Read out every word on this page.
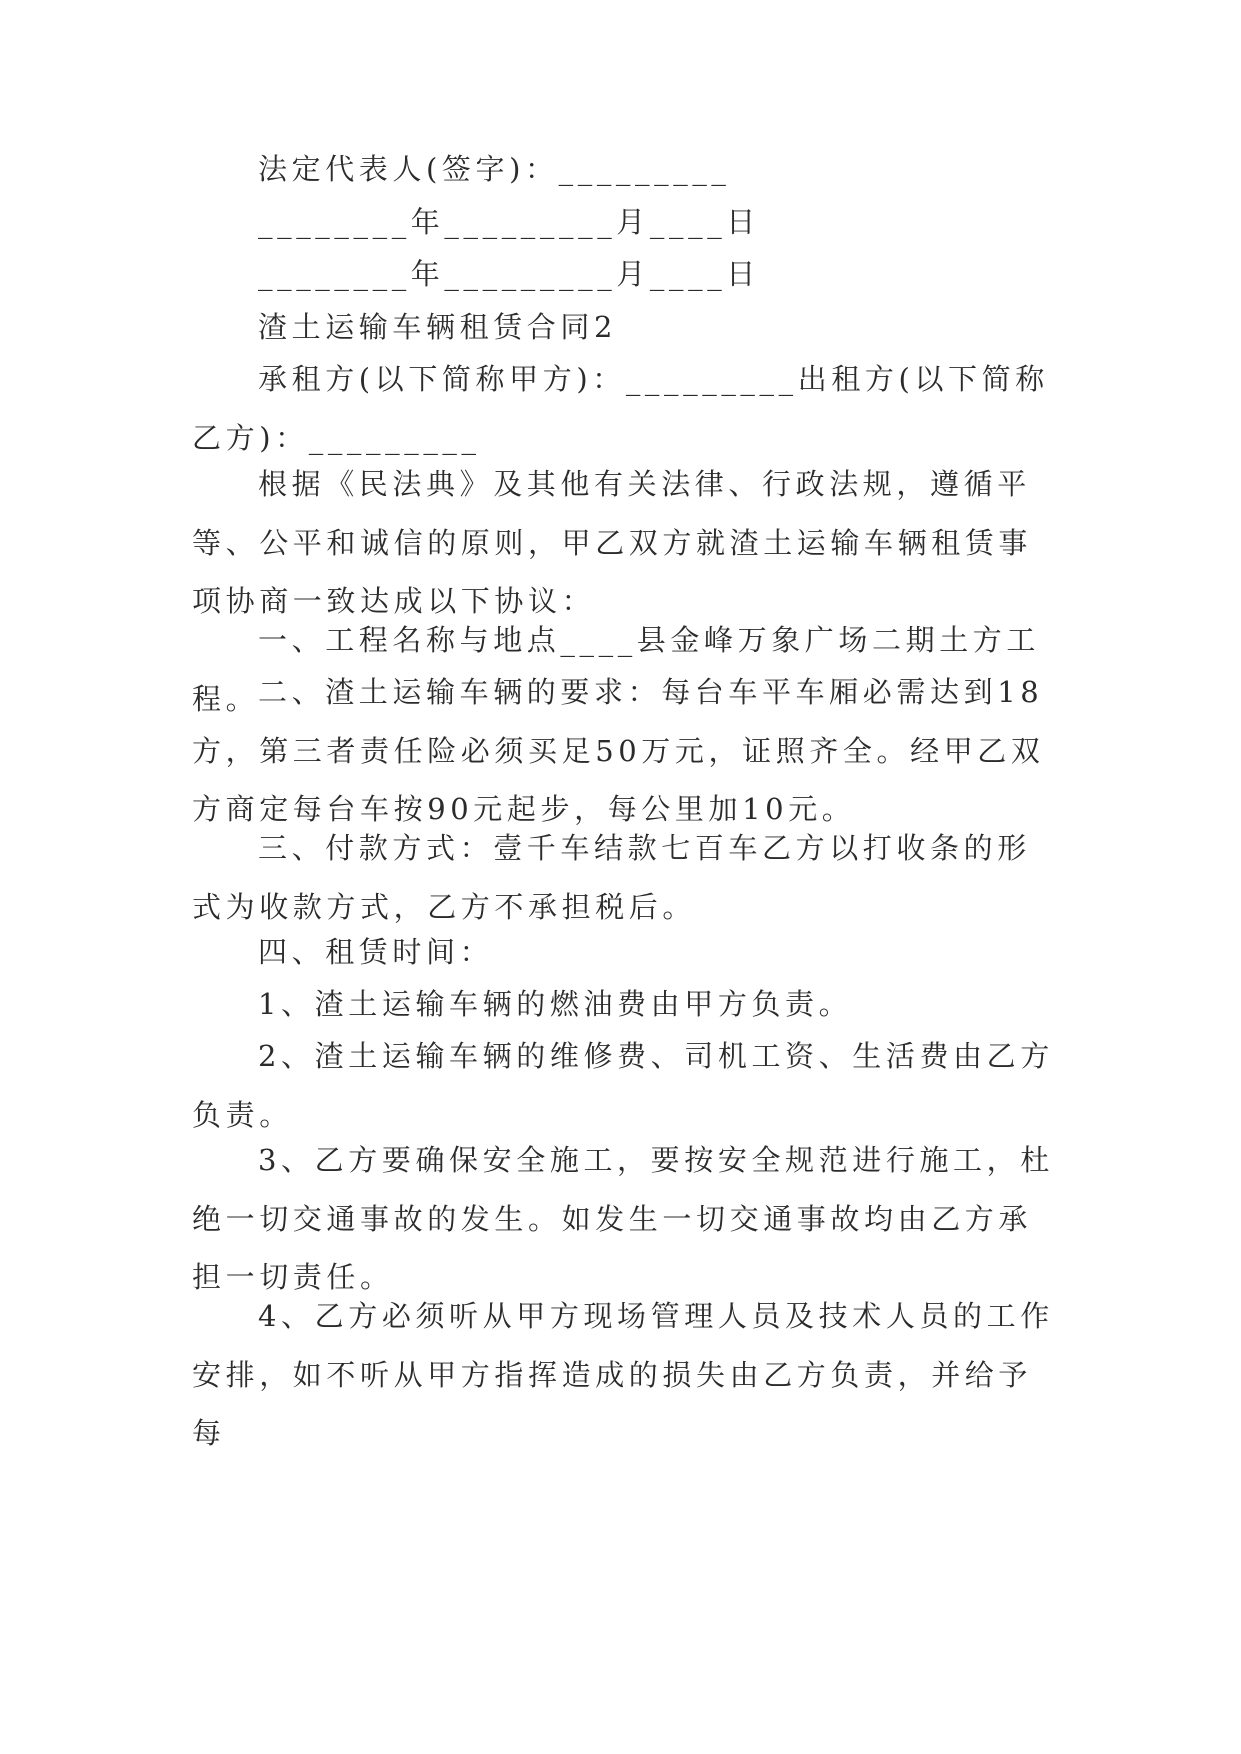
法定代表人(签字)：_________

________年_________月____日

________年_________月____日

渣土运输车辆租赁合同2

承租方(以下简称甲方)：_________出租方(以下简称乙方)：_________

根据《民法典》及其他有关法律、行政法规，遵循平等、公平和诚信的原则，甲乙双方就渣土运输车辆租赁事项协商一致达成以下协议：

一、工程名称与地点____县金峰万象广场二期土方工程。

二、渣土运输车辆的要求：每台车平车厢必需达到18方，第三者责任险必须买足50万元，证照齐全。经甲乙双方商定每台车按90元起步，每公里加10元。

三、付款方式：壹千车结款七百车乙方以打收条的形式为收款方式，乙方不承担税后。

四、租赁时间：

1、渣土运输车辆的燃油费由甲方负责。

2、渣土运输车辆的维修费、司机工资、生活费由乙方负责。

3、乙方要确保安全施工，要按安全规范进行施工，杜绝一切交通事故的发生。如发生一切交通事故均由乙方承担一切责任。

4、乙方必须听从甲方现场管理人员及技术人员的工作安排，如不听从甲方指挥造成的损失由乙方负责，并给予每
